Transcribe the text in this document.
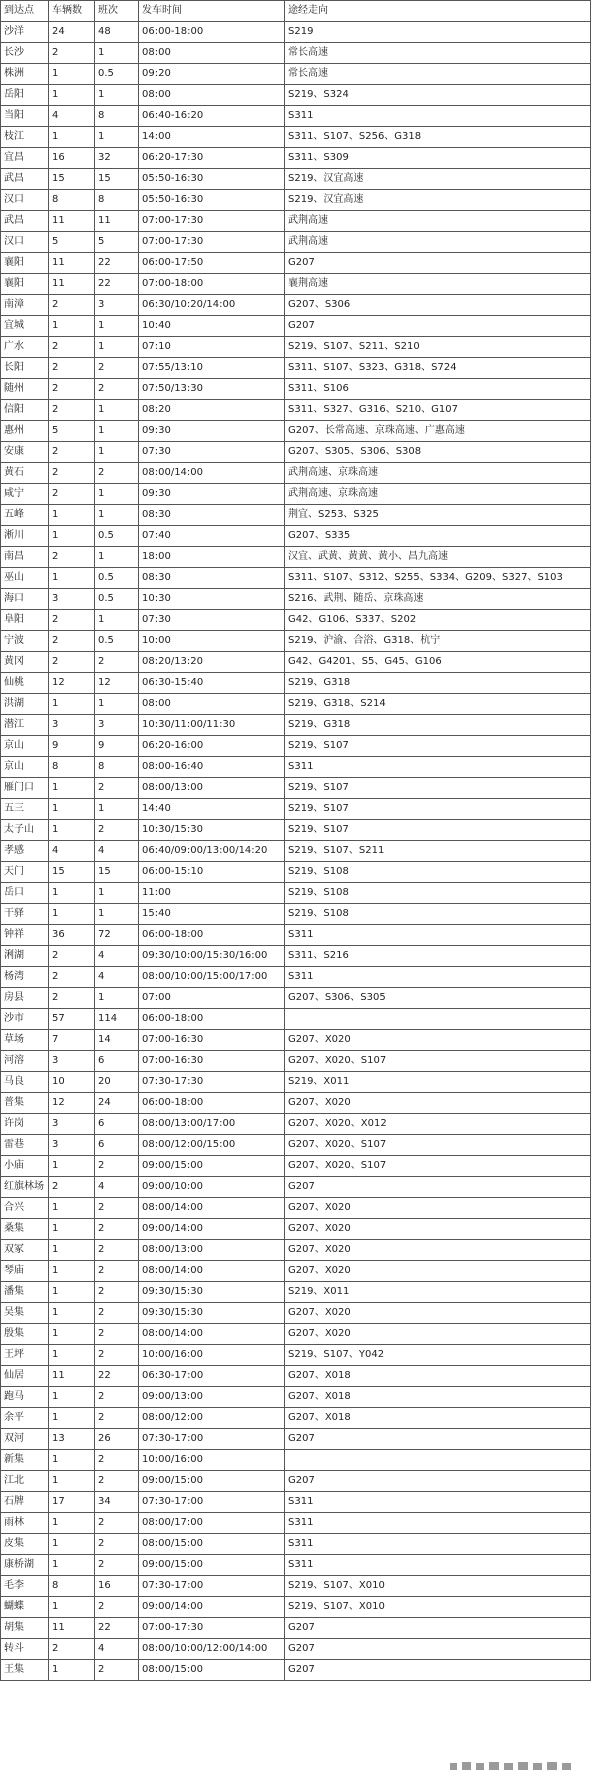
到达点	车辆数	班次	发车时间	途经走向
沙洋	24	48	06:00-18:00	S219
长沙	2	1	08:00	常长高速
株洲	1	0.5	09:20	常长高速
岳阳	1	1	08:00	S219、S324
当阳	4	8	06:40-16:20	S311
枝江	1	1	14:00	S311、S107、S256、G318
宜昌	16	32	06:20-17:30	S311、S309
武昌	15	15	05:50-16:30	S219、汉宜高速
汉口	8	8	05:50-16:30	S219、汉宜高速
武昌	11	11	07:00-17:30	武荆高速
汉口	5	5	07:00-17:30	武荆高速
襄阳	11	22	06:00-17:50	G207
襄阳	11	22	07:00-18:00	襄荆高速
南漳	2	3	06:30/10:20/14:00	G207、S306
宜城	1	1	10:40	G207
广水	2	1	07:10	S219、S107、S211、S210
长阳	2	2	07:55/13:10	S311、S107、S323、G318、S724
随州	2	2	07:50/13:30	S311、S106
信阳	2	1	08:20	S311、S327、G316、S210、G107
惠州	5	1	09:30	G207、长常高速、京珠高速、广惠高速
安康	2	1	07:30	G207、S305、S306、S308
黄石	2	2	08:00/14:00	武荆高速、京珠高速
咸宁	2	1	09:30	武荆高速、京珠高速
五峰	1	1	08:30	荆宜、S253、S325
淅川	1	0.5	07:40	G207、S335
南昌	2	1	18:00	汉宜、武黄、黄黄、黄小、昌九高速
巫山	1	0.5	08:30	S311、S107、S312、S255、S334、G209、S327、S103
海口	3	0.5	10:30	S216、武荆、随岳、京珠高速
阜阳	2	1	07:30	G42、G106、S337、S202
宁波	2	0.5	10:00	S219、沪渝、合浴、G318、杭宁
黄冈	2	2	08:20/13:20	G42、G4201、S5、G45、G106
仙桃	12	12	06:30-15:40	S219、G318
洪湖	1	1	08:00	S219、G318、S214
潜江	3	3	10:30/11:00/11:30	S219、G318
京山	9	9	06:20-16:00	S219、S107
京山	8	8	08:00-16:40	S311
雁门口	1	2	08:00/13:00	S219、S107
五三	1	1	14:40	S219、S107
太子山	1	2	10:30/15:30	S219、S107
孝感	4	4	06:40/09:00/13:00/14:20	S219、S107、S211
天门	15	15	06:00-15:10	S219、S108
岳口	1	1	11:00	S219、S108
干驿	1	1	15:40	S219、S108
钟祥	36	72	06:00-18:00	S311
浰湖	2	4	09:30/10:00/15:30/16:00	S311、S216
杨湾	2	4	08:00/10:00/15:00/17:00	S311
房县	2	1	07:00	G207、S306、S305
沙市	57	114	06:00-18:00	
草场	7	14	07:00-16:30	G207、X020
河溶	3	6	07:00-16:30	G207、X020、S107
马良	10	20	07:30-17:30	S219、X011
普集	12	24	06:00-18:00	G207、X020
许岗	3	6	08:00/13:00/17:00	G207、X020、X012
雷巷	3	6	08:00/12:00/15:00	G207、X020、S107
小庙	1	2	09:00/15:00	G207、X020、S107
红旗林场	2	4	09:00/10:00	G207
合兴	1	2	08:00/14:00	G207、X020
桑集	1	2	09:00/14:00	G207、X020
双冢	1	2	08:00/13:00	G207、X020
琴庙	1	2	08:00/14:00	G207、X020
潘集	1	2	09:30/15:30	S219、X011
吴集	1	2	09:30/15:30	G207、X020
殷集	1	2	08:00/14:00	G207、X020
王坪	1	2	10:00/16:00	S219、S107、Y042
仙居	11	22	06:30-17:00	G207、X018
跑马	1	2	09:00/13:00	G207、X018
余平	1	2	08:00/12:00	G207、X018
双河	13	26	07:30-17:00	G207
新集	1	2	10:00/16:00	
江北	1	2	09:00/15:00	G207
石牌	17	34	07:30-17:00	S311
雨林	1	2	08:00/17:00	S311
皮集	1	2	08:00/15:00	S311
康桥湖	1	2	09:00/15:00	S311
毛李	8	16	07:30-17:00	S219、S107、X010
蝴蝶	1	2	09:00/14:00	S219、S107、X010
胡集	11	22	07:00-17:30	G207
转斗	2	4	08:00/10:00/12:00/14:00	G207
王集	1	2	08:00/15:00	G207
